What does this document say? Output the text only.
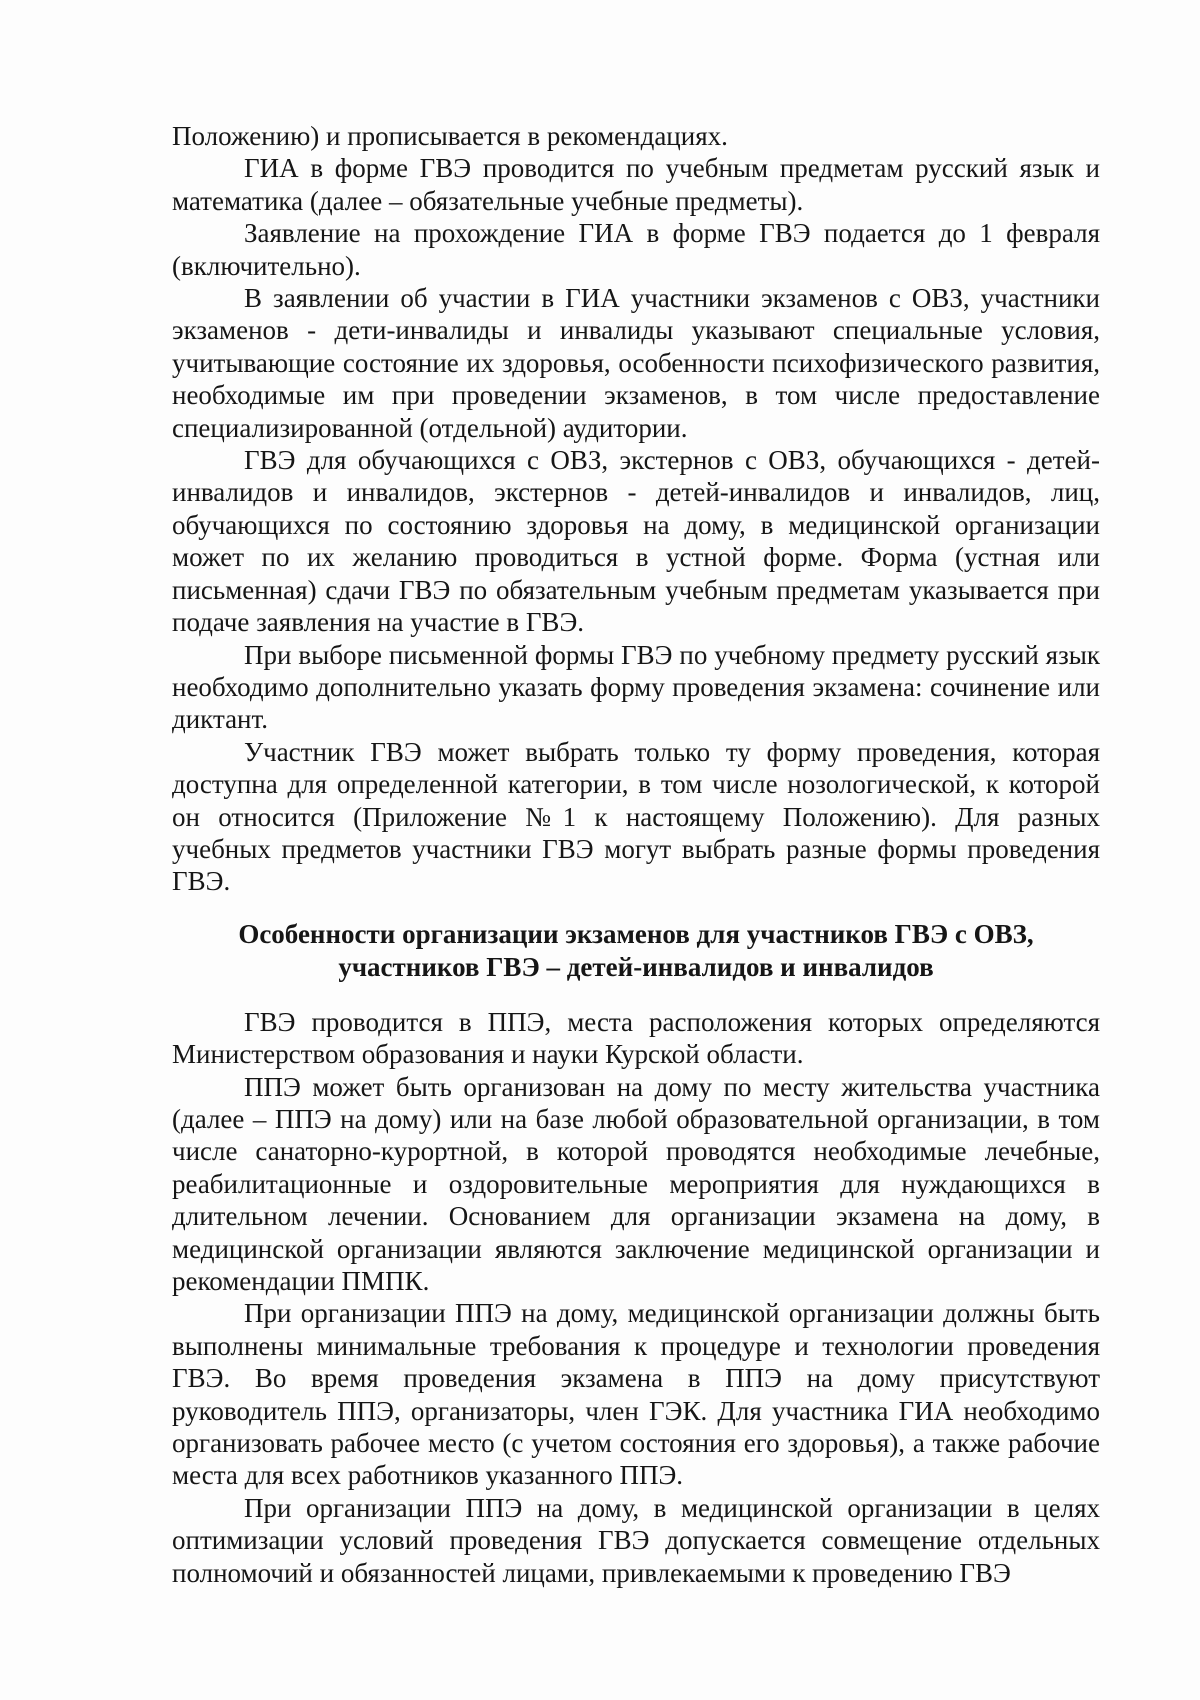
Положению) и прописывается в рекомендациях.

ГИА в форме ГВЭ проводится по учебным предметам русский язык и математика (далее – обязательные учебные предметы).

Заявление на прохождение ГИА в форме ГВЭ подается до 1 февраля (включительно).

В заявлении об участии в ГИА участники экзаменов с ОВЗ, участники экзаменов - дети-инвалиды и инвалиды указывают специальные условия, учитывающие состояние их здоровья, особенности психофизического развития, необходимые им при проведении экзаменов, в том числе предоставление специализированной (отдельной) аудитории.

ГВЭ для обучающихся с ОВЗ, экстернов с ОВЗ, обучающихся - детей-инвалидов и инвалидов, экстернов - детей-инвалидов и инвалидов, лиц, обучающихся по состоянию здоровья на дому, в медицинской организации может по их желанию проводиться в устной форме. Форма (устная или письменная) сдачи ГВЭ по обязательным учебным предметам указывается при подаче заявления на участие в ГВЭ.

При выборе письменной формы ГВЭ по учебному предмету русский язык необходимо дополнительно указать форму проведения экзамена: сочинение или диктант.

Участник ГВЭ может выбрать только ту форму проведения, которая доступна для определенной категории, в том числе нозологической, к которой он относится (Приложение №1 к настоящему Положению). Для разных учебных предметов участники ГВЭ могут выбрать разные формы проведения ГВЭ.

Особенности организации экзаменов для участников ГВЭ с ОВЗ,
участников ГВЭ – детей-инвалидов и инвалидов

ГВЭ проводится в ППЭ, места расположения которых определяются Министерством образования и науки Курской области.

ППЭ может быть организован на дому по месту жительства участника (далее – ППЭ на дому) или на базе любой образовательной организации, в том числе санаторно-курортной, в которой проводятся необходимые лечебные, реабилитационные и оздоровительные мероприятия для нуждающихся в длительном лечении. Основанием для организации экзамена на дому, в медицинской организации являются заключение медицинской организации и рекомендации ПМПК.

При организации ППЭ на дому, медицинской организации должны быть выполнены минимальные требования к процедуре и технологии проведения ГВЭ. Во время проведения экзамена в ППЭ на дому присутствуют руководитель ППЭ, организаторы, член ГЭК. Для участника ГИА необходимо организовать рабочее место (с учетом состояния его здоровья), а также рабочие места для всех работников указанного ППЭ.

При организации ППЭ на дому, в медицинской организации в целях оптимизации условий проведения ГВЭ допускается совмещение отдельных полномочий и обязанностей лицами, привлекаемыми к проведению ГВЭ
